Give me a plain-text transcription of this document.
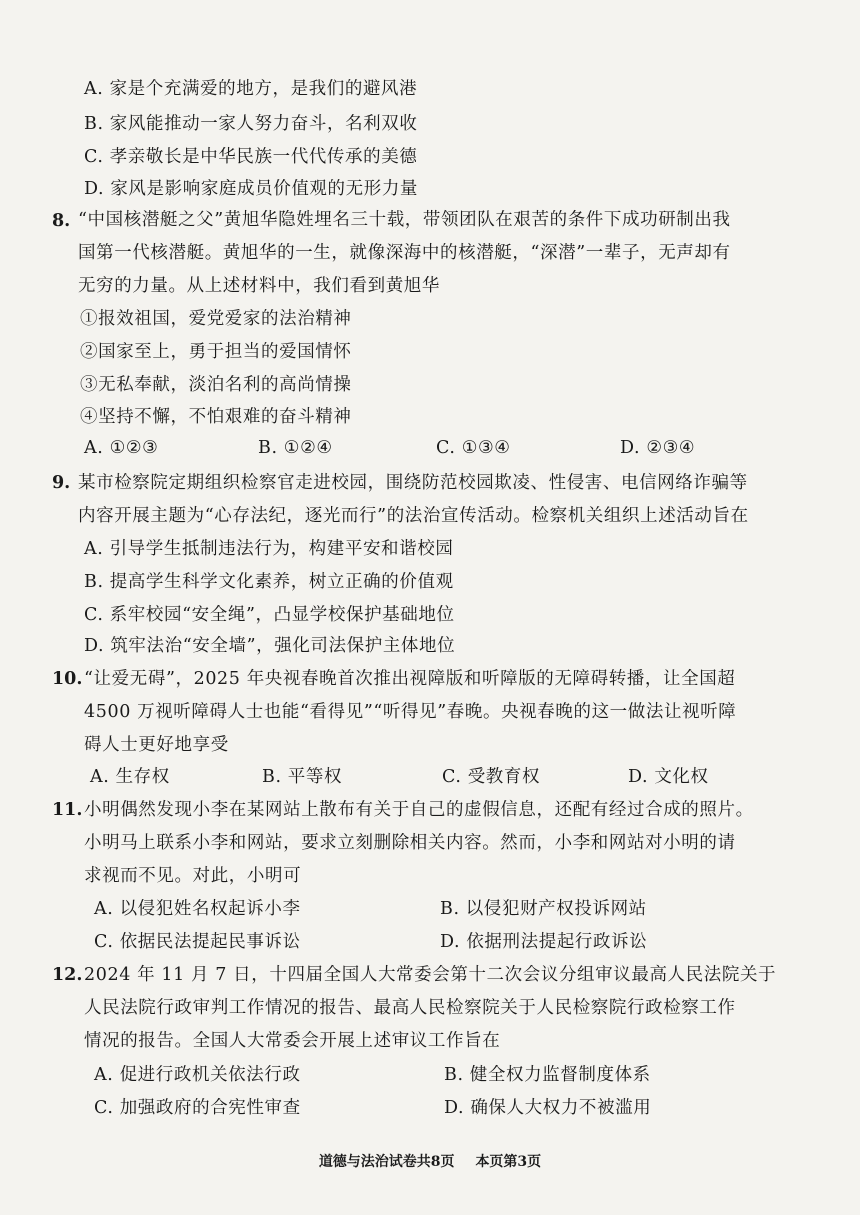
A. 家是个充满爱的地方，是我们的避风港
B. 家风能推动一家人努力奋斗，名利双收
C. 孝亲敬长是中华民族一代代传承的美德
D. 家风是影响家庭成员价值观的无形力量
8. “中国核潜艇之父”黄旭华隐姓埋名三十载，带领团队在艰苦的条件下成功研制出我
国第一代核潜艇。黄旭华的一生，就像深海中的核潜艇，“深潜”一辈子，无声却有
无穷的力量。从上述材料中，我们看到黄旭华
①报效祖国，爱党爱家的法治精神
②国家至上，勇于担当的爱国情怀
③无私奉献，淡泊名利的高尚情操
④坚持不懈，不怕艰难的奋斗精神
A. ①②③	B. ①②④	C. ①③④	D. ②③④
9. 某市检察院定期组织检察官走进校园，围绕防范校园欺凌、性侵害、电信网络诈骗等
内容开展主题为“心存法纪，逐光而行”的法治宣传活动。检察机关组织上述活动旨在
A. 引导学生抵制违法行为，构建平安和谐校园
B. 提高学生科学文化素养，树立正确的价值观
C. 系牢校园“安全绳”，凸显学校保护基础地位
D. 筑牢法治“安全墙”，强化司法保护主体地位
10. “让爱无碍”，2025 年央视春晚首次推出视障版和听障版的无障碍转播，让全国超
4500 万视听障碍人士也能“看得见”“听得见”春晚。央视春晚的这一做法让视听障
碍人士更好地享受
A. 生存权	B. 平等权	C. 受教育权	D. 文化权
11. 小明偶然发现小李在某网站上散布有关于自己的虚假信息，还配有经过合成的照片。
小明马上联系小李和网站，要求立刻删除相关内容。然而，小李和网站对小明的请
求视而不见。对此，小明可
A. 以侵犯姓名权起诉小李	B. 以侵犯财产权投诉网站
C. 依据民法提起民事诉讼	D. 依据刑法提起行政诉讼
12. 2024 年 11 月 7 日，十四届全国人大常委会第十二次会议分组审议最高人民法院关于
人民法院行政审判工作情况的报告、最高人民检察院关于人民检察院行政检察工作
情况的报告。全国人大常委会开展上述审议工作旨在
A. 促进行政机关依法行政	B. 健全权力监督制度体系
C. 加强政府的合宪性审查	D. 确保人大权力不被滥用
道德与法治试卷共8页 本页第3页
